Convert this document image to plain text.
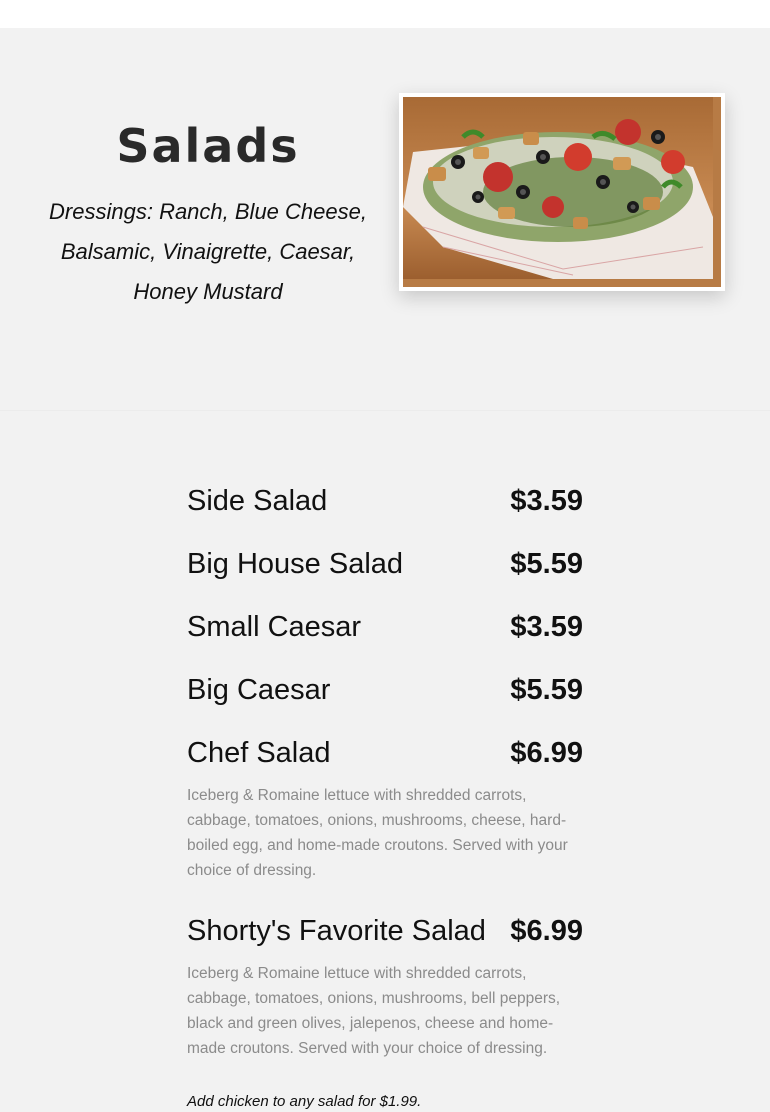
Salads

Dressings: Ranch, Blue Cheese, Balsamic, Vinaigrette, Caesar, Honey Mustard

Side Salad	$3.59
Big House Salad	$5.59
Small Caesar	$3.59
Big Caesar	$5.59
Chef Salad	$6.99
Iceberg & Romaine lettuce with shredded carrots, cabbage, tomatoes, onions, mushrooms, cheese, hard-boiled egg, and home-made croutons. Served with your choice of dressing.
Shorty's Favorite Salad $6.99
Iceberg & Romaine lettuce with shredded carrots, cabbage, tomatoes, onions, mushrooms, bell peppers, black and green olives, jalepenos, cheese and home-made croutons. Served with your choice of dressing.
Add chicken to any salad for $1.99.
